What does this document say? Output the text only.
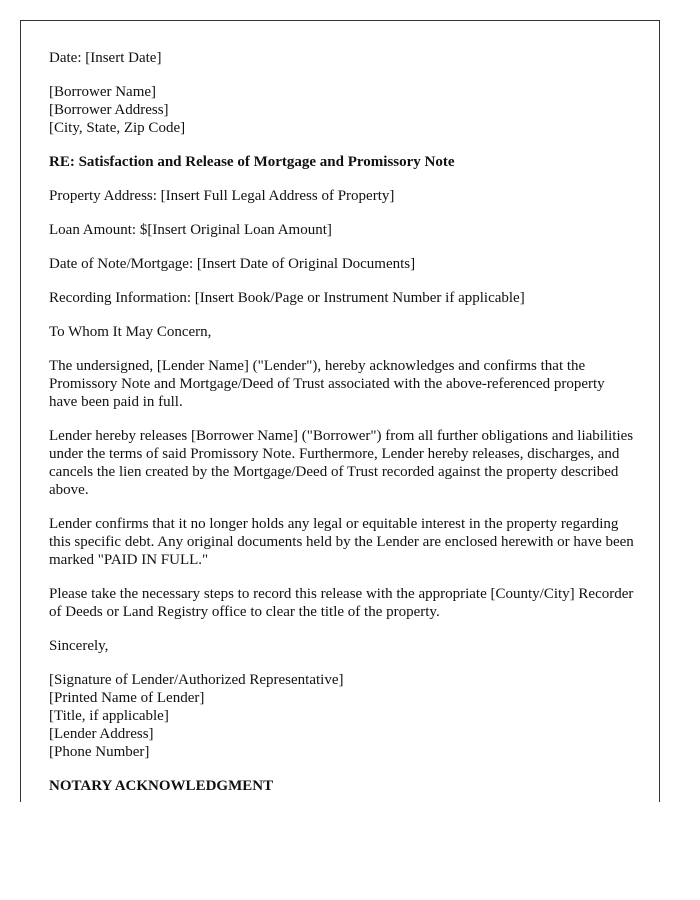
Date: [Insert Date]

[Borrower Name]
[Borrower Address]
[City, State, Zip Code]

RE: Satisfaction and Release of Mortgage and Promissory Note

Property Address: [Insert Full Legal Address of Property]

Loan Amount: $[Insert Original Loan Amount]

Date of Note/Mortgage: [Insert Date of Original Documents]

Recording Information: [Insert Book/Page or Instrument Number if applicable]

To Whom It May Concern,

The undersigned, [Lender Name] ("Lender"), hereby acknowledges and confirms that the Promissory Note and Mortgage/Deed of Trust associated with the above-referenced property have been paid in full.

Lender hereby releases [Borrower Name] ("Borrower") from all further obligations and liabilities under the terms of said Promissory Note. Furthermore, Lender hereby releases, discharges, and cancels the lien created by the Mortgage/Deed of Trust recorded against the property described above.

Lender confirms that it no longer holds any legal or equitable interest in the property regarding this specific debt. Any original documents held by the Lender are enclosed herewith or have been marked "PAID IN FULL."

Please take the necessary steps to record this release with the appropriate [County/City] Recorder of Deeds or Land Registry office to clear the title of the property.

Sincerely,

[Signature of Lender/Authorized Representative]
[Printed Name of Lender]
[Title, if applicable]
[Lender Address]
[Phone Number]

NOTARY ACKNOWLEDGMENT
